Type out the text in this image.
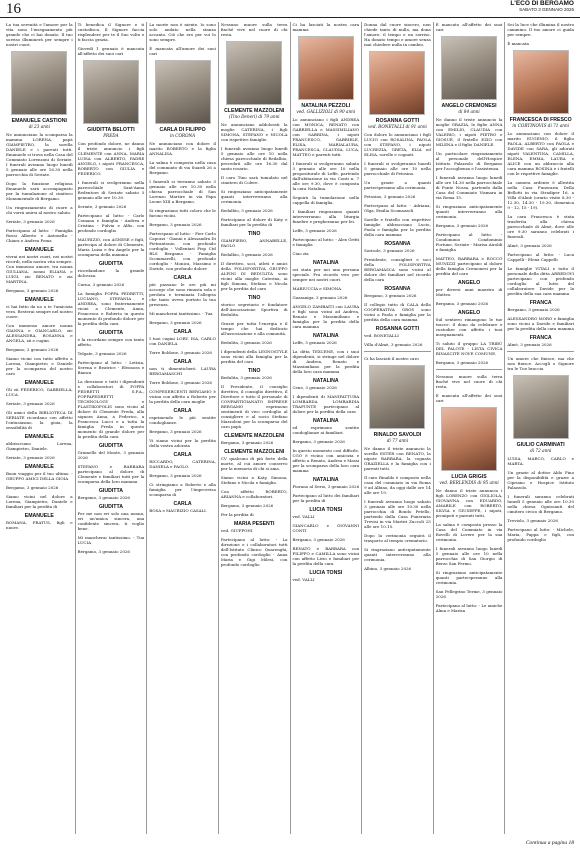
16	L'ECO DI BERGAMO
SABATO 3 GENNAIO 2026
La tua serenità e l'amore per la vita sono l'insegnamento più grande che ci hai donato. Il tuo sorriso illuminerà per sempre i nostri cuori.
EMANUELE CASTIONI
di 23 anni
Ne annunciano la scomparsa la mamma LORENA, papà GIAMPIETRO, la sorella DANIELE e i parenti tutti. Emanuele si trova nella Casa del Commiato Lorenzoni di Seriate. I funerali avranno luogo lunedì 5 gennaio alle ore 16.30 nella parrocchia di Seriate.
Dopo la funzione religiosa Emanuele sarà accompagnato per la tumulazione al cimitero Monumentale di Bergamo.
Un ringraziamento di cuore a chi vorrà unirsi al nostro saluto.
Seriate, 3 gennaio 2026
Partecipano al lutto: - Famiglia Rossi Alberto e Antonella - Chiara e Andrea Poma
EMANUELE
vivrai nei nostri cuori, nei nostri ricordi, nella nostra vita sempre. Con immenso amore, tra nonna GIULIANA, nonni ELIANA e LUIGI, zio RENATO e zia MARTINA.
Bergamo, 3 gennaio 2026
EMANUELE
ci hai fatto da no a te l'amicizia vera. Resterai sempre nel nostro cuore.
Con immenso amore nonna GIANNA e GIANCARLO, zie ALESSANDRA, ROSANNA e ANGELA, zii e cugini.
Bergamo, 3 gennaio 2026
Siamo vicini con tutto affetto a Lorena, Giampietro e Daniele per la scomparsa del nostro caro
EMANUELE
Gli zii FEDERICO, GABRIELLA, LUCA.
Seriate, 3 gennaio 2026
Gli amici della BIBLIOTECA DI SERIATE ricordano con affetto l'entusiasmo, la gioia, la sensibilità di
EMANUELE
abbracciano Lorena, Giampietro, Daniele.
Seriate, 3 gennaio 2026
EMANUELE
Buon viaggio per il tuo ultimo. - GRUPPO AMICI DELLA GIOIA
Bergamo, 3 gennaio 2026
Siamo vicini nel dolore a Lorena, Giampietro, Daniele e familiari per la perdita di
EMANUELE
ROMANA, FRATUS, figli e nuore.
Ti benedica il Signore e ti custodisca. Il Signore faccia risplendere per te il Suo volto e ti faccia grazia.
Giovedì 1 gennaio è mancata all'affetto dei suoi cari
GIUDITTA BELOTTI
PREDA
Con profondo dolore, ne danno il triste annuncio i figli CLEMENTE con ANNA, MARIA LUISA con ALBERTO, PADRE ANGELO, i nipoti FRANCESCA, ROBERTO con GIULIA e FEDERICO.
I funerali si svolgeranno nella parrocchiale Sant'Anna Redentore di Seriate sabato 3 gennaio alle ore 10.30.
Seriate, 3 gennaio 2026
Partecipano al lutto: - Carlo Comana e famiglia - Andrea e Cristina - Fulvia e Alfio, con profondo cordoglio
MAURIZIO, con AGNESE e figli, partecipa al dolore di Clemente, Maria Luisa e fra Angelo per la scomparsa della mamma
GIUDITTA
ricordandone la grande dolcezza.
Curno, 3 gennaio 2026
La famiglia FOPPA PEDRETTI, LUCIANO, STEFANIA e ANDREA, sono fraternamente vicini a Clemente, Anna, Francesca e Roberto in questo momento di profondo dolore per la perdita della cara
GIUDITTA
e la ricordano sempre con tanto affetto.
Telgate, 3 gennaio 2026
Partecipano al lutto: - Letizia, Serena e Beatrice - Eleonora e Bianca
La direzione e tutti i dipendenti e collaboratori di FOPPA PEDRETTI S.P.A., FOPPAPEDRETTI TECHNOLOGY e PLASTIKOPOLIS sono vicini al dolore di Clemente Preda, alla signora Anna, a Federico, a Francesca Lucci e a tutta la famiglia Preda in questo momento di grande dolore per la perdita della cara
GIUDITTA
Grumello del Monte, 3 gennaio 2026
STEFANO e BARBARA partecipano al dolore di Clemente e familiari tutti per la scomparsa della loro mamma
GIUDITTA
Bergamo, 3 gennaio 2026
GIUDITTA
Per me non eri solo una nonna, eri un'amica sincera, una confidente sincera, ti voglio bene.
Mi mancherai tantissimo. - Tua LUCIA
Bergamo, 3 gennaio 2026
La morte non è niente. Io sono solo andato nella stanza accanto. Ciò che ero per voi lo sono sempre.
È mancata all'amore dei suoi cari
CARLA DI FILIPPO
in CORONA
Ne annunciano con dolore il marito ROBERTO e la figlia ANNALISA.
La salma è composta nella casa del commiato di via Suardi 26 a Bergamo.
I funerali si terranno sabato 3 gennaio alle ore 10.30 nella chiesa parrocchiale di San Lorenzo Martire in via Papa Leone XIII a Bergamo.
Si ringraziano tutti coloro che le furono vicini.
Bergamo, 3 gennaio 2026
Partecipano al lutto: - Pier Carlo Capozzi - Gianni e Alessandra Di Pietrantonio, con profondo cordoglio - Vollentari Fisp Ctd BLS Bergamo - Famiglia Scommarelli, con profondo cordoglio - Monica, Massimo e Davide, con profondo dolore
CARLA
più passano le ore più mi accorgo che sono rimasta sola e perduta e terminata l'allegria che tanto aveva portato la tua presenza.
Mi mancherai tantissimo. - Tua
Bergamo, 3 gennaio 2026
CARLA
I tuoi cugini LORY, ISA, CARLO con DANIELA
Torre Boldone, 3 gennaio 2026
CARLA
non ti dimenticherò. LAURA BERGAMASCHI
Torre Boldone, 3 gennaio 2026
CONFESERCENTI BERGAMO è vicina con affetto a Roberto per la perdita della cara moglie
CARLA
esprimendo le più sentite condoglianze.
Bergamo, 3 gennaio 2026
Vi siamo vicini per la perdita della vostra adorata
CARLA
RICCARDO, CATERINA, DANIELA e PAOLO.
Bergamo, 3 gennaio 2026
Ci stringiamo a Roberto e alla famiglia per l'improvvisa scomparsa di
CARLA
BOSA e MAURIZIO CASALI.
Nessuno muore sulla terra finché vive nel cuore di chi resta.
CLEMENTE MAZZOLENI
(Tino Deneri) di 79 anni
Ne annunciano addolorati la moglie CATERINA, i figli SIMONA, STEFANO e NICOLA con rispettive famiglie.
I funerali avranno luogo lunedì 5 gennaio alle ore 10 nella chiesa parrocchiale di Redalbio, preceduti alle ore 16.30 dal santo rosario.
Il caro Tino sarà tumulato nel cimitero di Colere.
Si ringraziano anticipatamente quanti interverranno alla cerimonia.
Redalbio, 3 gennaio 2026
Partecipano al dolore di Katy e familiari per la perdita di
TINO
GIAMPIERO, ANNABELLE, PAOLO
Redalbio, 3 gennaio 2026
Il direttivo, soci, atleti e amici della POLISPORTIVA GRUPPO ALPINI DI BEDULITA sono vicini alla moglie Caterina, ai figli Simona, Stefano e Nicola per la perdita del caro
TINO
storico segretario e fondatore dell'Associazione Sportiva di Bedulita.
Grazie per tutta l'energia e il tempo che hai dedicato all'associazione e alla comunità.
Bedulita, 3 gennaio 2026
I dipendenti della LEGNOSTYLE sono vicini alla famiglia per la perdita del caro
TINO
Bedulita, 3 gennaio 2026
Il Presidente, il consiglio direttivo, il consiglio direttivo, il Direttore e tutto il personale di CONFARTIGIANATO IMPRESE BERGAMO esprimono sentimenti di vivo cordoglio al consigliere e al socio Stefano Mazzoleni per la scomparsa del caro papà
CLEMENTE MAZZOLENI
Bergamo, 3 gennaio 2026
CLEMENTE MAZZOLENI
CV qualcuno di più forte della morte, al cui amore conservo per la memoria di chi si ama.
Siamo vicini a Katy, Simona, Stefano e Nicola e famiglia.
Con affetto ROBERTO, ARIANNA e collaboratori.
Bergamo, 3 gennaio 2026
Per la perdita di
MARIA PESENTI
ved. GIUPPONI
Partecipano al lutto: - La direzione e i collaboratori tutti dell'Istituto Clinico Quarenghi, con profondo cordoglio - Anna Maria e Gigi Milesi, con profondo cordoglio
Ci ha lasciati la nostra cara mamma
NATALINA PEZZOLI
ved. GALLIZIOLI di 90 anni
Lo annunciano i figli ANDREA con MONICA, RENATO con GABRIELLA e MASSIMILIANO con SABRINA, i nipoti FRANCESCO, GABRIELE, ELISA, MARIALAURA, FRANCESCA, CLAUDIA, LUCA, MATTEO e parenti tutti.
I funerali si svolgeranno sabato 3 gennaio alle ore 10 nella propositurale di Leffe, partendo dall'abitazione in via Conti n. 7 alle ore 9.30, dove è composta la cara Natalina.
Seguirà la tumulazione nella cappella di famiglia.
I familiari ringraziano quanti interverranno alla liturgia funebre e pregheranno per lei.
Leffe, 3 gennaio 2026
Partecipano al lutto: - Alex Gritti e famiglia
Ciao zia
NATALINA
sei stata per noi una persona speciale. Fra ricordo vivo per sempre nei nostri cuori.
MARIUCCIA e SIMONA.
Gazzaniga, 3 gennaio 2026
ANGELO ZAMBAITI con LAURA e figli sono vicini ad Andrea, Renato e Massimiliano e famiglia per la perdita della cara mamma
NATALINA
Leffe, 3 gennaio 2026
La ditta TEXCENE, con i suoi dipendenti, si stringe nel dolore di Andrea, Renato e Massimiliano per la perdita della loro cara mamma
NATALINA
Cene, 3 gennaio 2026
I dipendenti di MANIFATTURA LOMBARDA LOMBARDIA TRAPUNTE partecipano al dolore per la perdita della cara
NATALINA
ed esprimono sentite condoglianze ai familiari.
Bergamo, 3 gennaio 2026
In questo momento così difficile, CGO è vicino con amicizia e affetto a Renato, Andrea e Massi per la scomparsa della loro cara mamma
NATALINA
Fiorano al Serio, 3 gennaio 2026
Partecipano al lutto dei familiari per la perdita di
LUCIA TONSI
ved. VALLI
GIANCARLO e GIOVANNI CONTI
Bergamo, 3 gennaio 2026
RENATO e BARBARA con FILIPPO e CAMILLA sono vicini con affetto Livio e familiari per la perdita della cara
LUCIA TONSI
ved. VALLI
Donna dal cuore sincero, non chiede tanto di nulla, ma dona l'amore, il tempo e un sorriso. Ha donato tempo e amore senza mai chiedere nulla in cambio.
ROSANNA GOTTI
ved. BONETALLI di 91 anni
Con dolore lo annunciano i figli LUCIO con ROSALINA, PAOLA con STEFANO, i nipoti LUCREZIA, GRETA, ELIA ed ELISA, sorelle e cognati.
I funerali si svolgeranno lunedì 5 gennaio alle ore 10 nella parrocchiale di Petosino.
Un grazie a quanti parteciperanno alla cerimonia.
Petosino, 3 gennaio 2026
Partecipano al lutto: - Adriana, Olga, Emilia Scomazzoli
Sorelle e fratello con rispettive famiglie abbracciano Lucio, Paola e famiglia per la perdita della cara mamma
ROSANNA
Sorisole, 3 gennaio 2026
Presidente, consiglieri e soci della POLISPORTIVA BERGAMASCA sono vicini al dolore dei familiari nel ricordo della cara
ROSANNA
Bergamo, 3 gennaio 2026
Il collegio tutto di CALA della COOPERATIVA GROS sono vicini a Paola e famiglia per la perdita della cara mamma
ROSANNA GOTTI
ved. BONETALLI
Villa d'Almè, 3 gennaio 2026
Ci ha lasciati il nostro caro
RINALDO SAVOLDI
di 77 anni
Ne danno il triste annuncio la sorella ESTER con RENATO, la nipote BARBARA, la cognata GRAZIELLA e la famiglia con i parenti tutti.
Il caro Rinaldo è composto nella casa del commiato in via Roma 9 ad Albino, da oggi dalle ore 14 alle ore 19.
I funerali avranno luogo sabato 3 gennaio alle ore 10.30 nella parrocchia di Bondo Petello, partendo dalla Casa Funeraria Trevisi in via Martiri Zuccoli 25 alle ore 10.15.
Dopo la cerimonia seguirà il trasporto al tempio crematorio.
Si ringraziano anticipatamente quanti interverranno alla cerimonia.
Albino, 3 gennaio 2026
È mancato all'affetto dei suoi cari
ANGELO CREMONESI
di 84 anni
Ne danno il triste annuncio la moglie GRAZIA, le figlie ANNA con EMILIO, CLAUDIA con VALERIO, i nipoti PIETRO e GIOSUÈ, il fratello EZIO con MILENA e il figlio DANIELE.
Un particolare ringraziamento al personale dell'Hospice Istituto Palazzolo di Bergamo per l'accoglienza e l'assistenza.
I funerali avranno luogo lunedì alle ore 14.30 nella parrocchiale di Ponte Nossa, partendo dalla Casa del Commiato Vismara in via Roma 15.
Si ringraziano anticipatamente quanti interverranno alla cerimonia.
Bergamo, 3 gennaio 2026
Partecipano al lutto: - Condominio Condominio Fortune, Seriate - Marisa Airoldi e famiglia
MATTEO, BARBARA e ROCCO MUNIZZI partecipano al dolore della famiglia Cremonesi per la perdita del caro
ANGELO
per diversi anni maestro di Matteo.
Bergamo, 3 gennaio 2026
ANGELO
Sul sentiero rimangono le tue tracce: il dono da celebrare e custodire con affetto i tuoi insegnamenti.
Ti saluto il gruppo LA TRIBÙ DEL PALOTE - LISTA CIVICA RINASCITE NOVE COMUNE.
Bergamo, 3 gennaio 2026
Nessuno muore sulla terra finché vive nel cuore di chi resta.
È mancata all'affetto dei suoi cari
LUCIA GRIGIS
ved. BERLENDIS di 95 anni
Ne danno il triste annuncio i figli LORENZO con GIGLIOLA, GIOVANNA con EDUARDO, AMABILE con ROBERTO, SILVIA e GIUSEPPE, i nipoti, pronipoti e parenti tutti.
La salma è composta presso la Casa del Commiato in via Rovelli di Lovere per la sua cerimonia.
I funerali avranno luogo lunedì 5 gennaio alle ore 10 nella parrocchia di San Giorgio di Berzo San Fermo.
Si ringraziano anticipatamente quanti parteciperanno alla cerimonia.
San Pellegrino Terme, 3 gennaio 2026
Partecipano al lutto: - Le amiche Alma e Marisa
Sei la luce che illumina il nostro cammino. Il tuo amore ci guida per sempre.
È mancata
FRANCESCA DI FRESCO
in CORTINOVIS di 71 anni
Lo annunciano con dolore il marito EUGENIO, il figlio PAOLA, ALBERTO con PAOLA e DAVIDE con SARA, gli adorati nipoti VALENTINA, CAMILLA, ELENA, EMMA, LAURA e ALICE con un abbraccio alla cara mamma ROSINA e i fratelli con le rispettive famiglie.
La camera ardente è allestita nella Casa Funeraria Della Bellotti in via Stradiper 16, a Villa d'Almè (orario visite 8.30 - 12.30, 14.30 - 19.30, domenica 9 - 12, 15 - 19).
La cara Francesca è stata trasferita alla chiesa parrocchiale di Almè, dove alle ore 9.30 saranno celebrati i funerali.
Almè, 3 gennaio 2026
Partecipano al lutto: - Luca Cappelli - Elena Cappelli
Le famiglie VITALI e tutto il personale della ditta ARREDOVI partecipano con profondo cordoglio al lutto del collaboratore Davide per la perdita della sua cara mamma
FRANCA
Bergamo, 3 gennaio 2026
ALESSANDRO MORO e famiglia sono vicini a Davide e familiari per la perdita della cara mamma
FRANCA
Almè, 3 gennaio 2026
Un amore che finisce, ma che non finisce. Accogli o Signore tra le Tue braccia
GIULIO CARMINATI
di 72 anni
LUISA, MARCO, CARLO e MARTA.
Un grazie al dottor Aldo Fino per la disponibilità e grazie a Cipriano e Hospice Istituto Palazzolo.
I funerali saranno celebrati lunedì 5 gennaio alle ore 10.30 nella chiesa Ognissanti del cimitero civico di Bergamo.
Treviolo, 3 gennaio 2026
Partecipano al lutto: - Michele, Maria, Pappa e figli, con profondo cordoglio
Continua a pagina 18
